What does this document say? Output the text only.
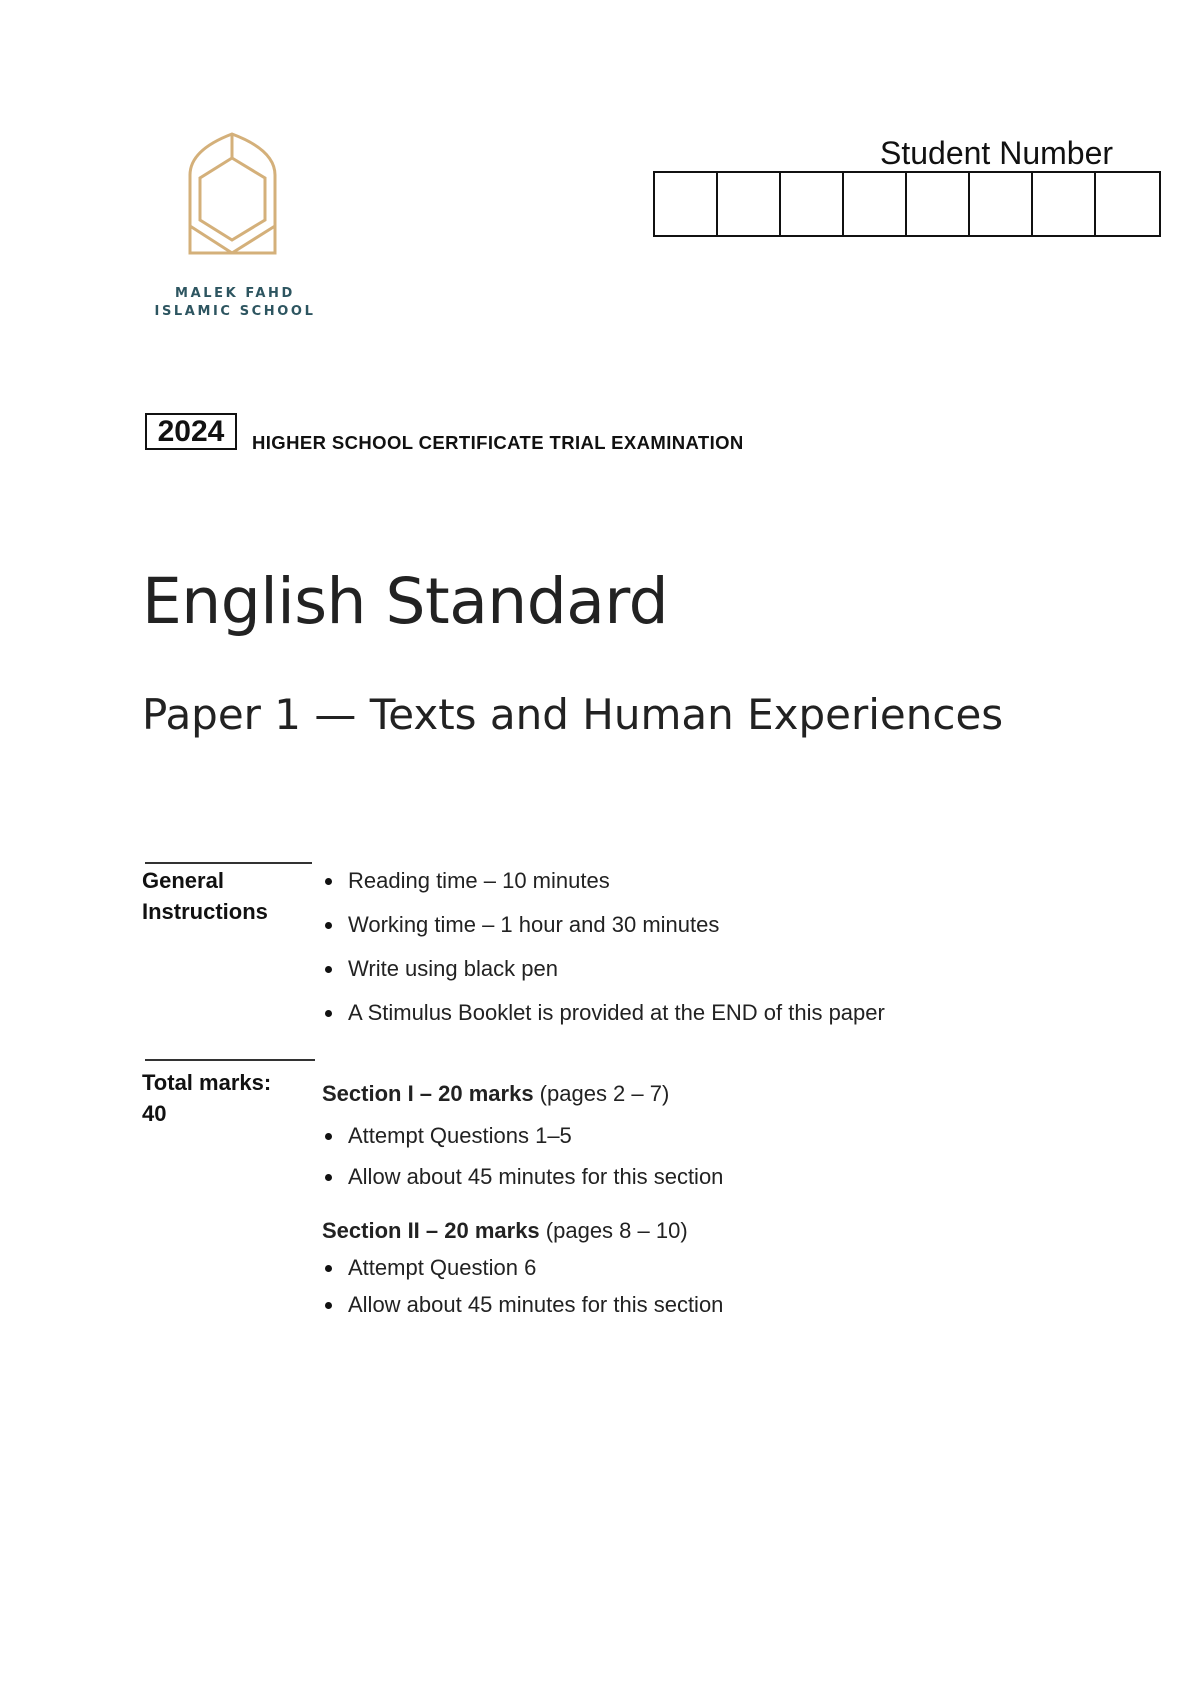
MALEK FAHD
ISLAMIC SCHOOL
Student Number
2024	HIGHER SCHOOL CERTIFICATE TRIAL EXAMINATION
English Standard
Paper 1 — Texts and Human Experiences
General
Instructions
Reading time – 10 minutes
Working time – 1 hour and 30 minutes
Write using black pen
A Stimulus Booklet is provided at the END of this paper
Total marks:
40
Section I – 20 marks (pages 2 – 7)
Attempt Questions 1–5
Allow about 45 minutes for this section
Section II – 20 marks (pages 8 – 10)
Attempt Question 6
Allow about 45 minutes for this section
